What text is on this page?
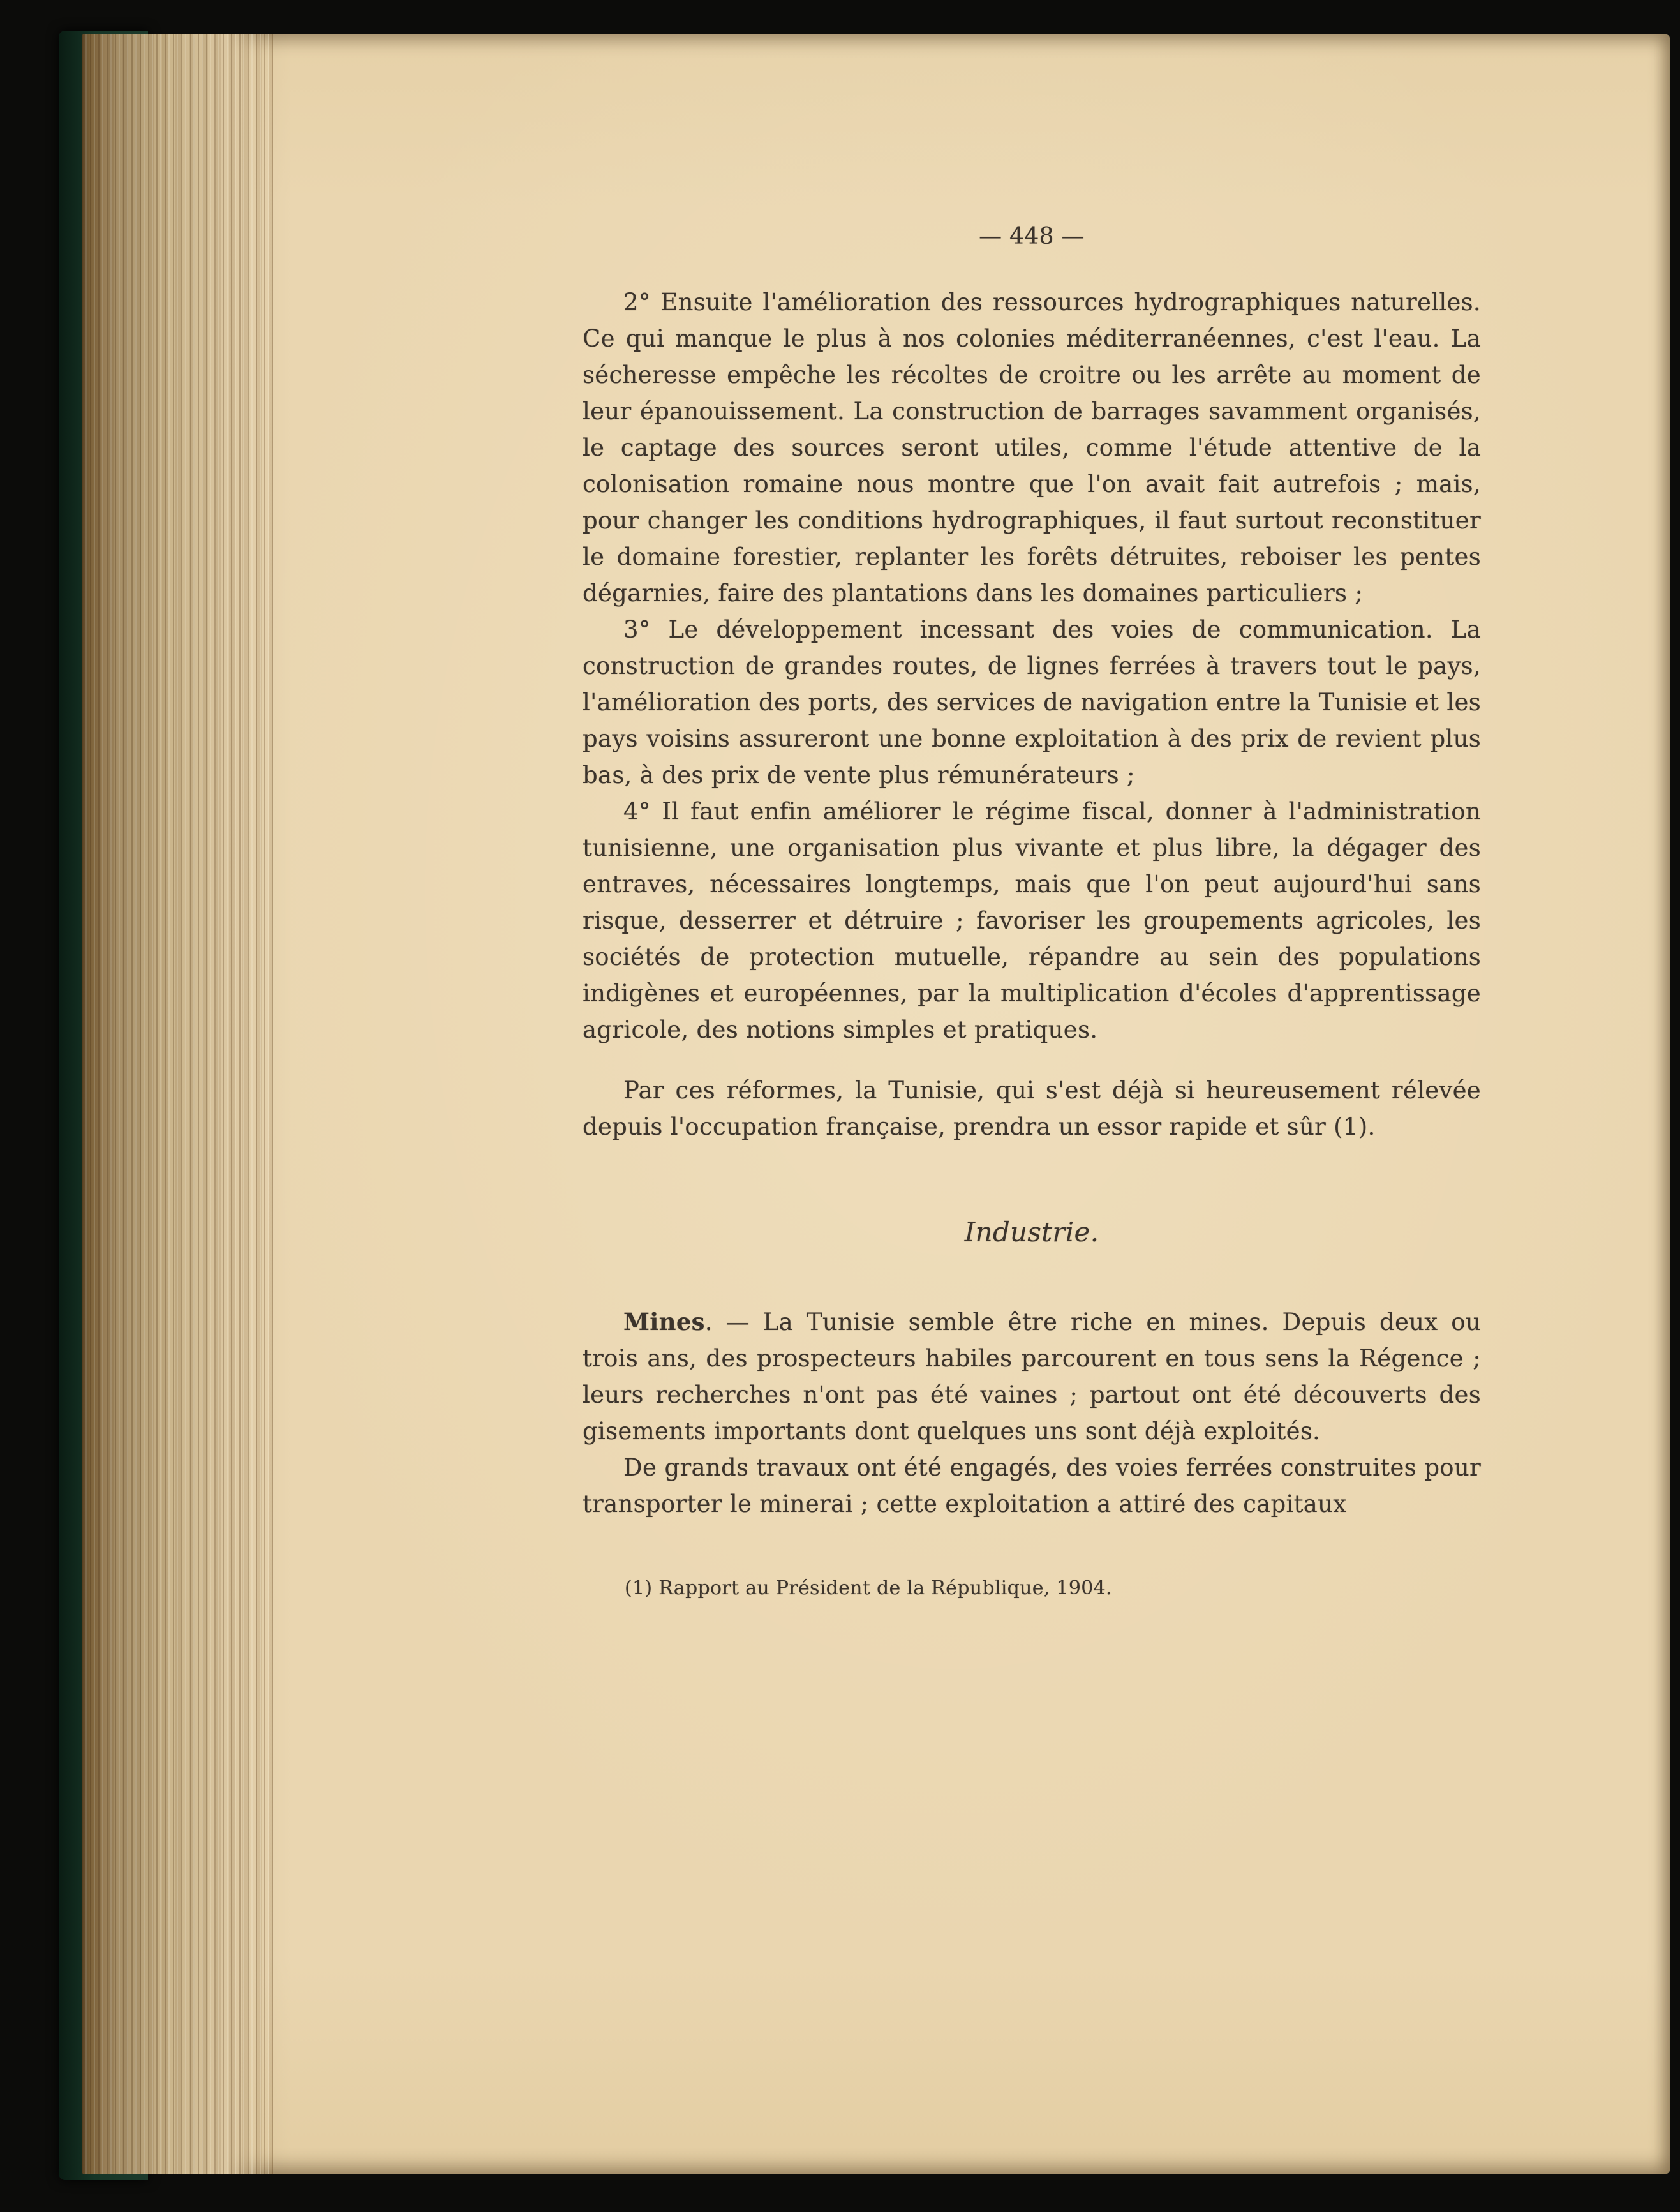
— 448 —

2° Ensuite l'amélioration des ressources hydrographiques naturelles. Ce qui manque le plus à nos colonies méditerranéennes, c'est l'eau. La sécheresse empêche les récoltes de croitre ou les arrête au moment de leur épanouissement. La construction de barrages savamment organisés, le captage des sources seront utiles, comme l'étude attentive de la colonisation romaine nous montre que l'on avait fait autrefois ; mais, pour changer les conditions hydrographiques, il faut surtout reconstituer le domaine forestier, replanter les forêts détruites, reboiser les pentes dégarnies, faire des plantations dans les domaines particuliers ;

3° Le développement incessant des voies de communication. La construction de grandes routes, de lignes ferrées à travers tout le pays, l'amélioration des ports, des services de navigation entre la Tunisie et les pays voisins assureront une bonne exploitation à des prix de revient plus bas, à des prix de vente plus rémunérateurs ;

4° Il faut enfin améliorer le régime fiscal, donner à l'administration tunisienne, une organisation plus vivante et plus libre, la dégager des entraves, nécessaires longtemps, mais que l'on peut aujourd'hui sans risque, desserrer et détruire ; favoriser les groupements agricoles, les sociétés de protection mutuelle, répandre au sein des populations indigènes et européennes, par la multiplication d'écoles d'apprentissage agricole, des notions simples et pratiques.

Par ces réformes, la Tunisie, qui s'est déjà si heureusement rélevée depuis l'occupation française, prendra un essor rapide et sûr (1).

Industrie.

Mines. — La Tunisie semble être riche en mines. Depuis deux ou trois ans, des prospecteurs habiles parcourent en tous sens la Régence ; leurs recherches n'ont pas été vaines ; partout ont été découverts des gisements importants dont quelques uns sont déjà exploités.

De grands travaux ont été engagés, des voies ferrées construites pour transporter le minerai ; cette exploitation a attiré des capitaux

(1) Rapport au Président de la République, 1904.
